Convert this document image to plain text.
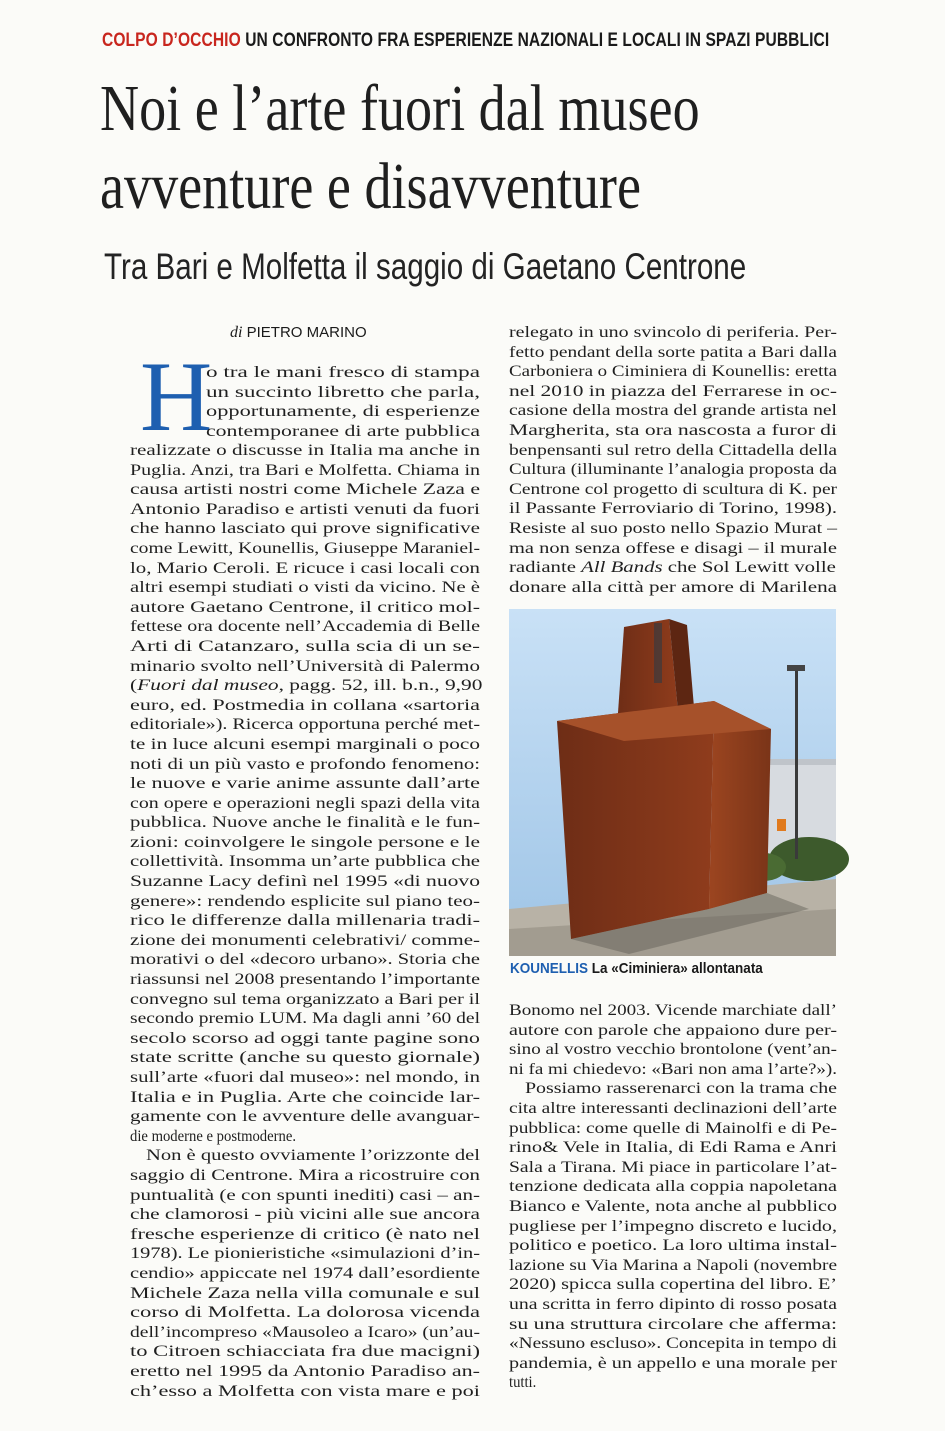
COLPO D’OCCHIO UN CONFRONTO FRA ESPERIENZE NAZIONALI E LOCALI IN SPAZI PUBBLICI
Noi e l’arte fuori dal museo
avventure e disavventure
Tra Bari e Molfetta il saggio di Gaetano Centrone
di PIETRO MARINO
H
o tra le mani fresco di stampa
un succinto libretto che parla,
opportunamente, di esperienze
contemporanee di arte pubblica
realizzate o discusse in Italia ma anche in
Puglia. Anzi, tra Bari e Molfetta. Chiama in
causa artisti nostri come Michele Zaza e
Antonio Paradiso e artisti venuti da fuori
che hanno lasciato qui prove significative
come Lewitt, Kounellis, Giuseppe Maraniel-
lo, Mario Ceroli. E ricuce i casi locali con
altri esempi studiati o visti da vicino. Ne è
autore Gaetano Centrone, il critico mol-
fettese ora docente nell’Accademia di Belle
Arti di Catanzaro, sulla scia di un se-
minario svolto nell’Università di Palermo
(Fuori dal museo, pagg. 52, ill. b.n., 9,90
euro, ed. Postmedia in collana «sartoria
editoriale»). Ricerca opportuna perché met-
te in luce alcuni esempi marginali o poco
noti di un più vasto e profondo fenomeno:
le nuove e varie anime assunte dall’arte
con opere e operazioni negli spazi della vita
pubblica. Nuove anche le finalità e le fun-
zioni: coinvolgere le singole persone e le
collettività. Insomma un’arte pubblica che
Suzanne Lacy definì nel 1995 «di nuovo
genere»: rendendo esplicite sul piano teo-
rico le differenze dalla millenaria tradi-
zione dei monumenti celebrativi/ comme-
morativi o del «decoro urbano». Storia che
riassunsi nel 2008 presentando l’importante
convegno sul tema organizzato a Bari per il
secondo premio LUM. Ma dagli anni ’60 del
secolo scorso ad oggi tante pagine sono
state scritte (anche su questo giornale)
sull’arte «fuori dal museo»: nel mondo, in
Italia e in Puglia. Arte che coincide lar-
gamente con le avventure delle avanguar-
die moderne e postmoderne.
Non è questo ovviamente l’orizzonte del
saggio di Centrone. Mira a ricostruire con
puntualità (e con spunti inediti) casi – an-
che clamorosi - più vicini alle sue ancora
fresche esperienze di critico (è nato nel
1978). Le pionieristiche «simulazioni d’in-
cendio» appiccate nel 1974 dall’esordiente
Michele Zaza nella villa comunale e sul
corso di Molfetta. La dolorosa vicenda
dell’incompreso «Mausoleo a Icaro» (un’au-
to Citroen schiacciata fra due macigni)
eretto nel 1995 da Antonio Paradiso an-
ch’esso a Molfetta con vista mare e poi
relegato in uno svincolo di periferia. Per-
fetto pendant della sorte patita a Bari dalla
Carboniera o Ciminiera di Kounellis: eretta
nel 2010 in piazza del Ferrarese in oc-
casione della mostra del grande artista nel
Margherita, sta ora nascosta a furor di
benpensanti sul retro della Cittadella della
Cultura (illuminante l’analogia proposta da
Centrone col progetto di scultura di K. per
il Passante Ferroviario di Torino, 1998).
Resiste al suo posto nello Spazio Murat –
ma non senza offese e disagi – il murale
radiante All Bands che Sol Lewitt volle
donare alla città per amore di Marilena
KOUNELLIS La «Ciminiera» allontanata
Bonomo nel 2003. Vicende marchiate dall’
autore con parole che appaiono dure per-
sino al vostro vecchio brontolone (vent’an-
ni fa mi chiedevo: «Bari non ama l’arte?»).
Possiamo rasserenarci con la trama che
cita altre interessanti declinazioni dell’arte
pubblica: come quelle di Mainolfi e di Pe-
rino& Vele in Italia, di Edi Rama e Anri
Sala a Tirana. Mi piace in particolare l’at-
tenzione dedicata alla coppia napoletana
Bianco e Valente, nota anche al pubblico
pugliese per l’impegno discreto e lucido,
politico e poetico. La loro ultima instal-
lazione su Via Marina a Napoli (novembre
2020) spicca sulla copertina del libro. E’
una scritta in ferro dipinto di rosso posata
su una struttura circolare che afferma:
«Nessuno escluso». Concepita in tempo di
pandemia, è un appello e una morale per
tutti.
